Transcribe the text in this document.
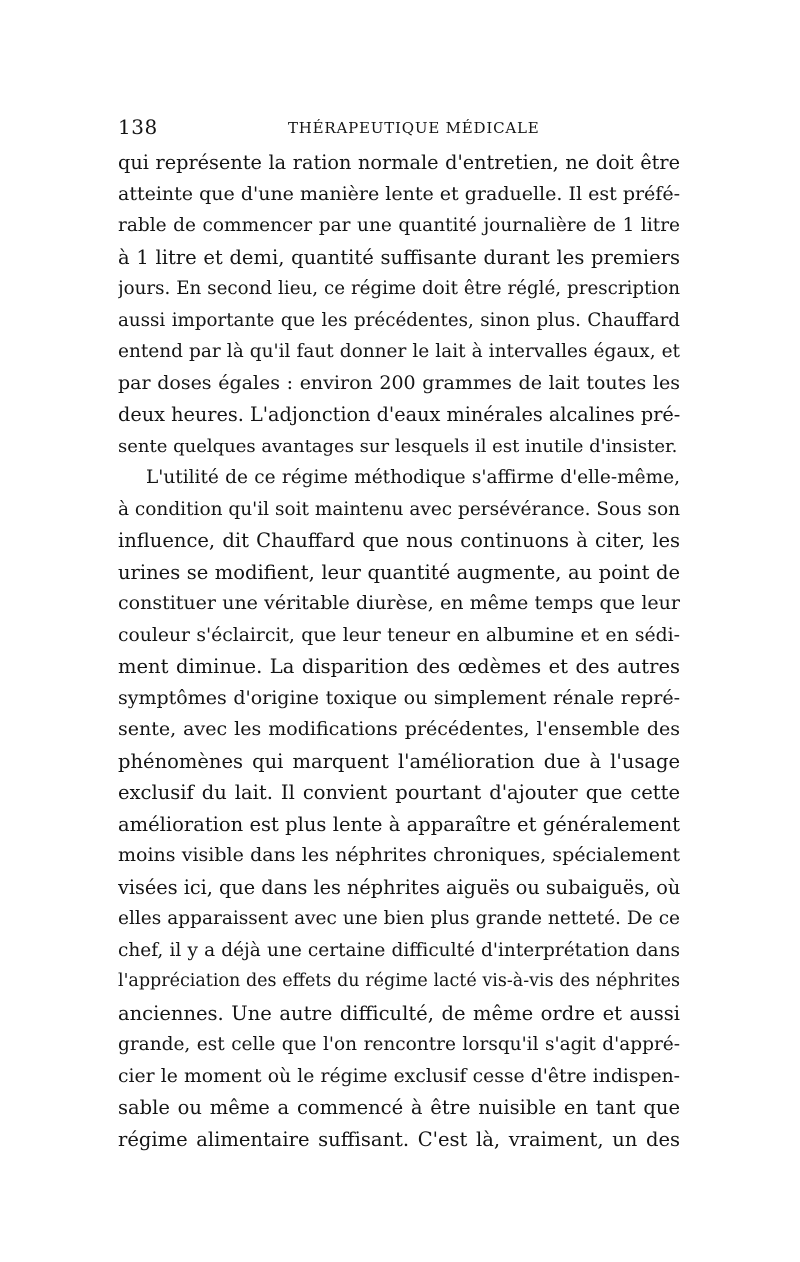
138	THÉRAPEUTIQUE MÉDICALE
qui représente la ration normale d'entretien, ne doit être
atteinte que d'une manière lente et graduelle. Il est préfé-
rable de commencer par une quantité journalière de 1 litre
à 1 litre et demi, quantité suffisante durant les premiers
jours. En second lieu, ce régime doit être réglé, prescription
aussi importante que les précédentes, sinon plus. Chauffard
entend par là qu'il faut donner le lait à intervalles égaux, et
par doses égales : environ 200 grammes de lait toutes les
deux heures. L'adjonction d'eaux minérales alcalines pré-
sente quelques avantages sur lesquels il est inutile d'insister.
L'utilité de ce régime méthodique s'affirme d'elle-même,
à condition qu'il soit maintenu avec persévérance. Sous son
influence, dit Chauffard que nous continuons à citer, les
urines se modifient, leur quantité augmente, au point de
constituer une véritable diurèse, en même temps que leur
couleur s'éclaircit, que leur teneur en albumine et en sédi-
ment diminue. La disparition des œdèmes et des autres
symptômes d'origine toxique ou simplement rénale repré-
sente, avec les modifications précédentes, l'ensemble des
phénomènes qui marquent l'amélioration due à l'usage
exclusif du lait. Il convient pourtant d'ajouter que cette
amélioration est plus lente à apparaître et généralement
moins visible dans les néphrites chroniques, spécialement
visées ici, que dans les néphrites aiguës ou subaiguës, où
elles apparaissent avec une bien plus grande netteté. De ce
chef, il y a déjà une certaine difficulté d'interprétation dans
l'appréciation des effets du régime lacté vis-à-vis des néphrites
anciennes. Une autre difficulté, de même ordre et aussi
grande, est celle que l'on rencontre lorsqu'il s'agit d'appré-
cier le moment où le régime exclusif cesse d'être indispen-
sable ou même a commencé à être nuisible en tant que
régime alimentaire suffisant. C'est là, vraiment, un des
